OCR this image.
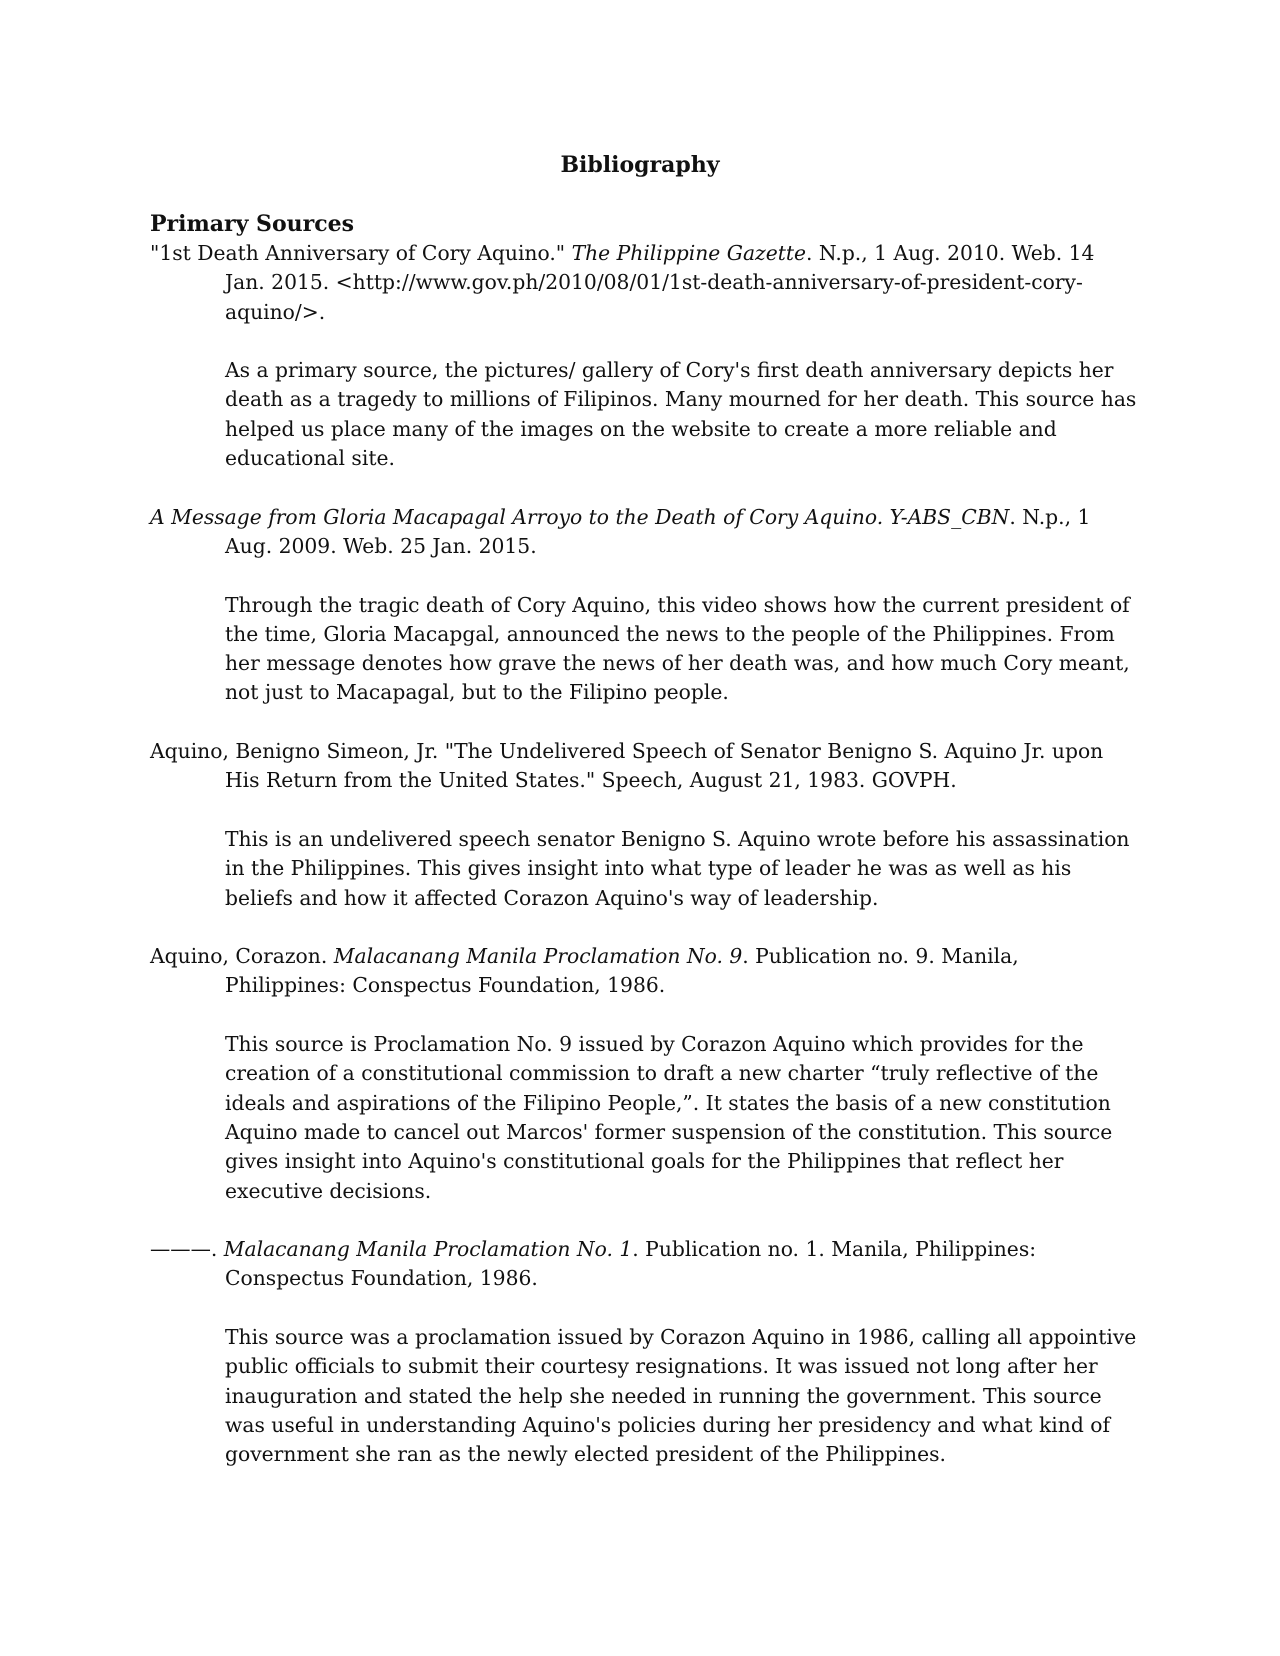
Bibliography
Primary Sources

"1st Death Anniversary of Cory Aquino." The Philippine Gazette. N.p., 1 Aug. 2010. Web. 14 Jan. 2015. <http://www.gov.ph/2010/08/01/1st-death-anniversary-of-president-cory-aquino/>.

As a primary source, the pictures/ gallery of Cory's first death anniversary depicts her death as a tragedy to millions of Filipinos. Many mourned for her death. This source has helped us place many of the images on the website to create a more reliable and educational site.

A Message from Gloria Macapagal Arroyo to the Death of Cory Aquino. Y-ABS_CBN. N.p., 1 Aug. 2009. Web. 25 Jan. 2015.

Through the tragic death of Cory Aquino, this video shows how the current president of the time, Gloria Macapgal, announced the news to the people of the Philippines. From her message denotes how grave the news of her death was, and how much Cory meant, not just to Macapagal, but to the Filipino people.

Aquino, Benigno Simeon, Jr. "The Undelivered Speech of Senator Benigno S. Aquino Jr. upon His Return from the United States." Speech, August 21, 1983. GOVPH.

This is an undelivered speech senator Benigno S. Aquino wrote before his assassination in the Philippines. This gives insight into what type of leader he was as well as his beliefs and how it affected Corazon Aquino's way of leadership.

Aquino, Corazon. Malacanang Manila Proclamation No. 9. Publication no. 9. Manila, Philippines: Conspectus Foundation, 1986.

This source is Proclamation No. 9 issued by Corazon Aquino which provides for the creation of a constitutional commission to draft a new charter “truly reflective of the ideals and aspirations of the Filipino People,”. It states the basis of a new constitution Aquino made to cancel out Marcos' former suspension of the constitution. This source gives insight into Aquino's constitutional goals for the Philippines that reflect her executive decisions.

———. Malacanang Manila Proclamation No. 1. Publication no. 1. Manila, Philippines: Conspectus Foundation, 1986.

This source was a proclamation issued by Corazon Aquino in 1986, calling all appointive public officials to submit their courtesy resignations. It was issued not long after her inauguration and stated the help she needed in running the government. This source was useful in understanding Aquino's policies during her presidency and what kind of government she ran as the newly elected president of the Philippines.
